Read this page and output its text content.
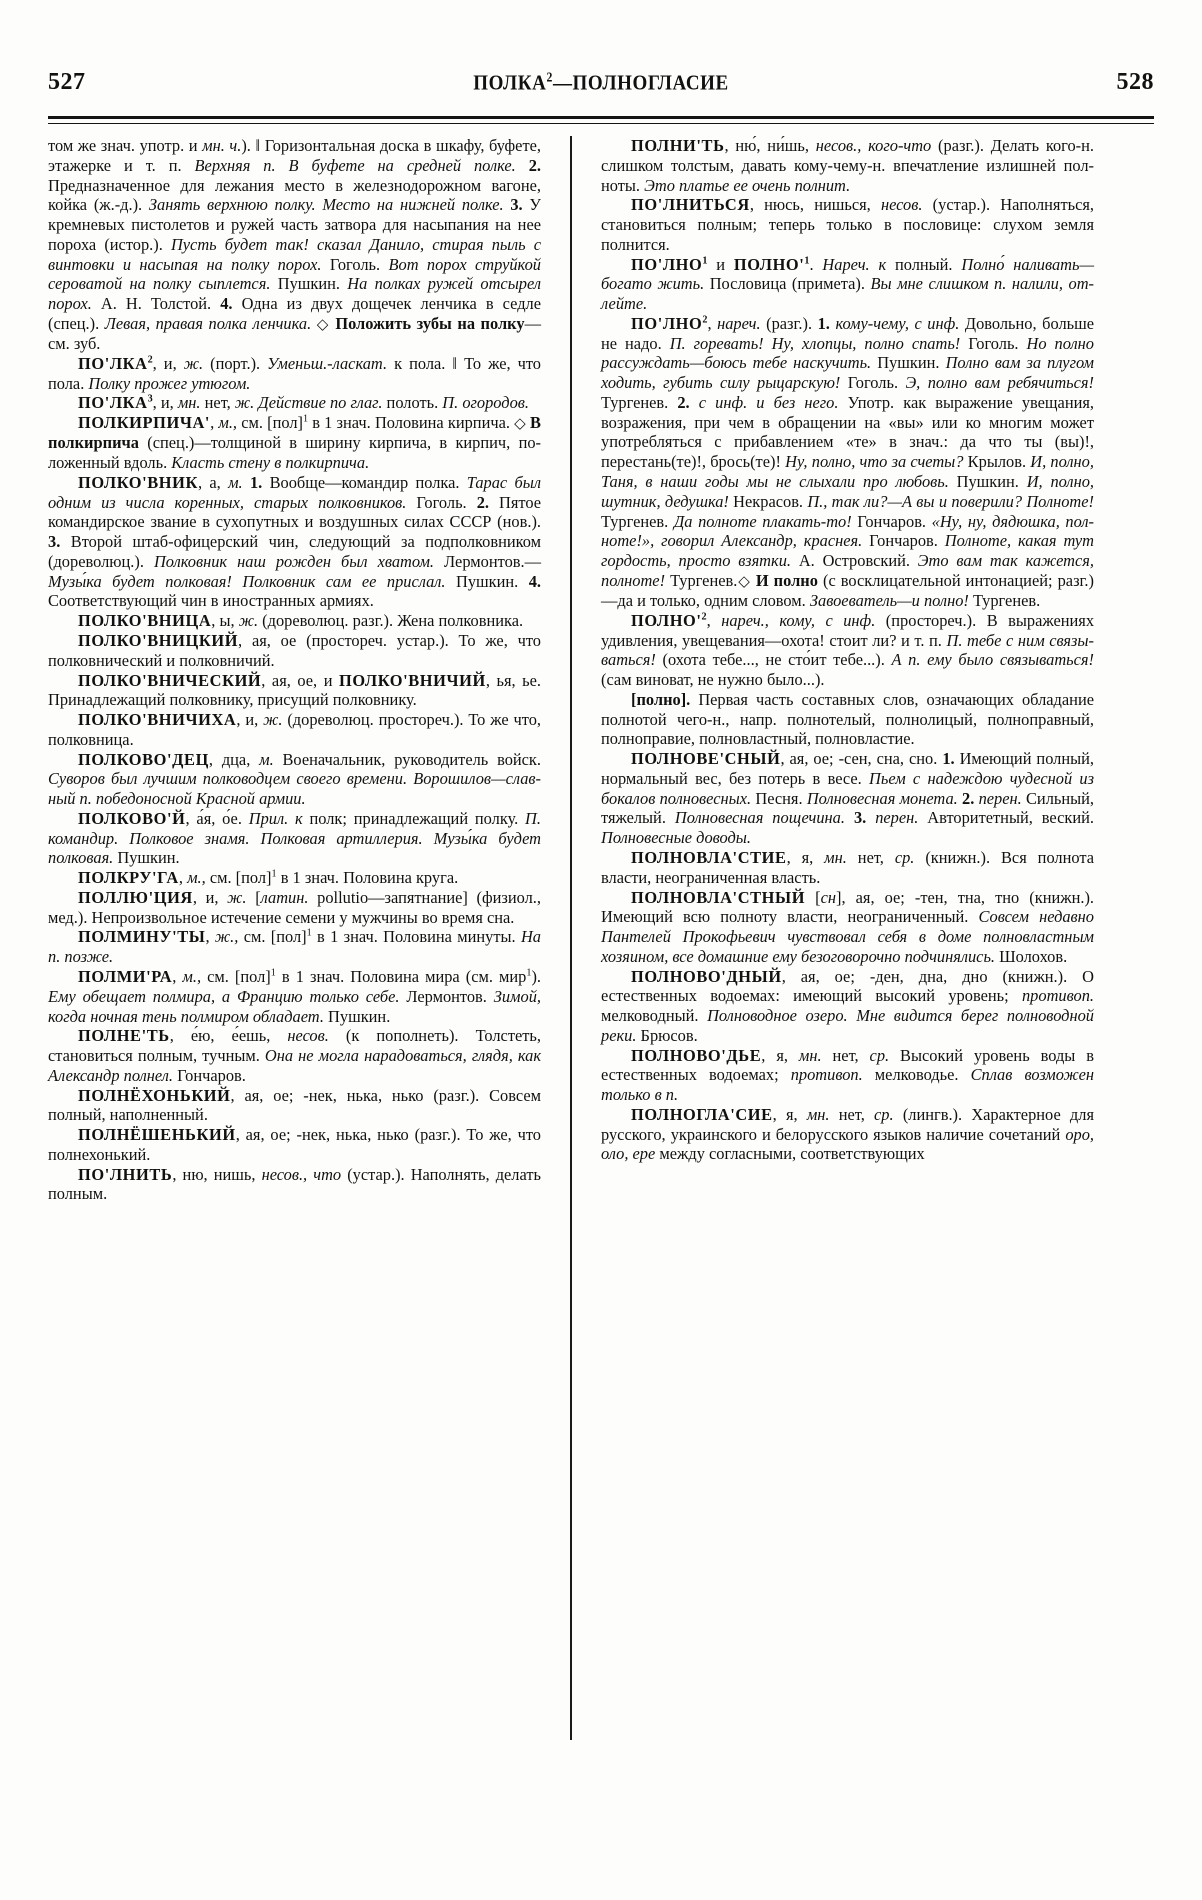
527	ПОЛКА$^2$—ПОЛНОГЛАСИЕ	528

том же знач. употр. и мн. ч.). ‖ Горизонтальная доска в шкафу, буфете, этажерке и т. п. Верхняя п. В буфете на средней полке. 2. Предназначенное для лежания место в железнодорожном вагоне, койка (ж.-д.). Занять верхнюю полку. Место на нижней полке. 3. У кремневых пистолетов и ружей часть затвора для насыпания на нее пороха (истор.). Пусть будет так! сказал Данило, стирая пыль с винтовки и насыпая на полку порох. Гоголь. Вот порох струйкой сероватой на полку сыплется. Пушкин. На полках ружей отсырел порох. А. Н. Толстой. 4. Одна из двух дощечек ленчика в седле (спец.). Левая, правая полка ленчика. ◇ Положить зубы на полку—см. зуб.

ПО'ЛКА$^2$, и, ж. (порт.). Уменьш.-ласкат. к пола. ‖ То же, что пола. Полку прожег утюгом.

ПО'ЛКА$^3$, и, мн. нет, ж. Действие по глаг. полоть. П. огородов.

ПОЛКИРПИЧА', м., см. [пол]$^1$ в 1 знач. Половина кирпича. ◇ В полкирпича (спец.)—толщиной в ширину кирпича, в кирпич, положенный вдоль. Класть стену в полкирпича.

ПОЛКО'ВНИК, а, м. 1. Вообще—командир полка. Тарас был одним из числа коренных, старых полковников. Гоголь. 2. Пятое командирское звание в сухопутных и воздушных силах СССР (нов.). 3. Второй штаб-офицерский чин, следующий за подполковником (дореволюц.). Полковник наш рожден был хватом. Лермонтов.—Музы́ка будет полковая! Полковник сам ее прислал. Пушкин. 4. Соответствующий чин в иностранных армиях.

ПОЛКО'ВНИЦА, ы, ж. (дореволюц. разг.). Жена полковника.

ПОЛКО'ВНИЦКИЙ, ая, ое (простореч. устар.). То же, что полковнический и полковничий.

ПОЛКО'ВНИЧЕСКИЙ, ая, ое, и ПОЛКО'ВНИЧИЙ, ья, ье. Принадлежащий полковнику, присущий полковнику.

ПОЛКО'ВНИЧИХА, и, ж. (дореволюц. простореч.). То же что, полковница.

ПОЛКОВО'ДЕЦ, дца, м. Военачальник, руководитель войск. Суворов был лучшим полководцем своего времени. Ворошилов—славный п. победоносной Красной армии.

ПОЛКОВО'Й, а́я, о́е. Прил. к полк; принадлежащий полку. П. командир. Полковое знамя. Полковая артиллерия. Музы́ка будет полковая. Пушкин.

ПОЛКРУ'ГА, м., см. [пол]$^1$ в 1 знач. Половина круга.

ПОЛЛЮ'ЦИЯ, и, ж. [латин. pollutio—запятнание] (физиол., мед.). Непроизвольное истечение семени у мужчины во время сна.

ПОЛМИНУ'ТЫ, ж., см. [пол]$^1$ в 1 знач. Половина минуты. На п. позже.

ПОЛМИ'РА, м., см. [пол]$^1$ в 1 знач. Половина мира (см. мир$^1$). Ему обещает полмира, а Францию только себе. Лермонтов. Зимой, когда ночная тень полмиром обладает. Пушкин.

ПОЛНЕ'ТЬ, е́ю, е́ешь, несов. (к пополнеть). Толстеть, становиться полным, тучным. Она не могла нарадоваться, глядя, как Александр полнел. Гончаров.

ПОЛНЁХОНЬКИЙ, ая, ое; -нек, нька, нько (разг.). Совсем полный, наполненный.

ПОЛНЁШЕНЬКИЙ, ая, ое; -нек, нька, нько (разг.). То же, что полнехонький.

ПО'ЛНИТЬ, ню, нишь, несов., что (устар.). Наполнять, делать полным.

ПОЛНИ'ТЬ, ню́, ни́шь, несов., кого-что (разг.). Делать кого-н. слишком толстым, давать кому-чему-н. впечатление излишней полноты. Это платье ее очень полнит.

ПО'ЛНИТЬСЯ, нюсь, нишься, несов. (устар.). Наполняться, становиться полным; теперь только в пословице: слухом земля полнится.

ПО'ЛНО$^1$ и $ПОЛНО'^1$. Нареч. к полный. Полно́ наливать—богато жить. Пословица (примета). Вы мне слишком п. налили, отлейте.

ПО'ЛНО$^2$, нареч. (разг.). 1. кому-чему, с инф. Довольно, больше не надо. П. горевать! Ну, хлопцы, полно спать! Гоголь. Но полно рассуждать—боюсь тебе наскучить. Пушкин. Полно вам за плугом ходить, губить силу рыцарскую! Гоголь. Э, полно вам ребячиться! Тургенев. 2. с инф. и без него. Употр. как выражение увещания, возражения, при чем в обращении на «вы» или ко многим может употребляться с прибавлением «те» в знач.: да что ты (вы)!, перестань(те)!, брось(те)! Ну, полно, что за счеты? Крылов. И, полно, Таня, в наши годы мы не слыхали про любовь. Пушкин. И, полно, шутник, дедушка! Некрасов. П., так ли?—А вы и поверили? Полноте! Тургенев. Да полноте плакать-то! Гончаров. «Ну, ну, дядюшка, полноте!», говорил Александр, краснея. Гончаров. Полноте, какая тут гордость, просто взятки. А. Островский. Это вам так кажется, полноте! Тургенев.◇ И полно (с восклицательной интонацией; разг.)—да и только, одним словом. Завоеватель—и полно! Тургенев.

$ПОЛНО'^2$, нареч., кому, с инф. (простореч.). В выражениях удивления, увещевания—охота! стоит ли? и т. п. П. тебе с ним связываться! (охота тебе..., не сто́ит тебе...). А п. ему было связываться! (сам виноват, не нужно было...).

[полно]. Первая часть составных слов, означающих обладание полнотой чего-н., напр. полнотелый, полнолицый, полноправный, полноправие, полновластный, полновластие.

ПОЛНОВЕ'СНЫЙ, ая, ое; -сен, сна, сно. 1. Имеющий полный, нормальный вес, без потерь в весе. Пьем с надеждою чудесной из бокалов полновесных. Песня. Полновесная монета. 2. перен. Сильный, тяжелый. Полновесная пощечина. 3. перен. Авторитетный, веский. Полновесные доводы.

ПОЛНОВЛА'СТИЕ, я, мн. нет, ср. (книжн.). Вся полнота власти, неограниченная власть.

ПОЛНОВЛА'СТНЫЙ [сн], ая, ое; -тен, тна, тно (книжн.). Имеющий всю полноту власти, неограниченный. Совсем недавно Пантелей Прокофьевич чувствовал себя в доме полновластным хозяином, все домашние ему безоговорочно подчинялись. Шолохов.

ПОЛНОВО'ДНЫЙ, ая, ое; -ден, дна, дно (книжн.). О естественных водоемах: имеющий высокий уровень; противоп. мелководный. Полноводное озеро. Мне видится берег полноводной реки. Брюсов.

ПОЛНОВО'ДЬЕ, я, мн. нет, ср. Высокий уровень воды в естественных водоемах; противоп. мелководье. Сплав возможен только в п.

ПОЛНОГЛА'СИЕ, я, мн. нет, ср. (лингв.). Характерное для русского, украинского и белорусского языков наличие сочетаний оро, оло, ере между согласными, соответствующих
